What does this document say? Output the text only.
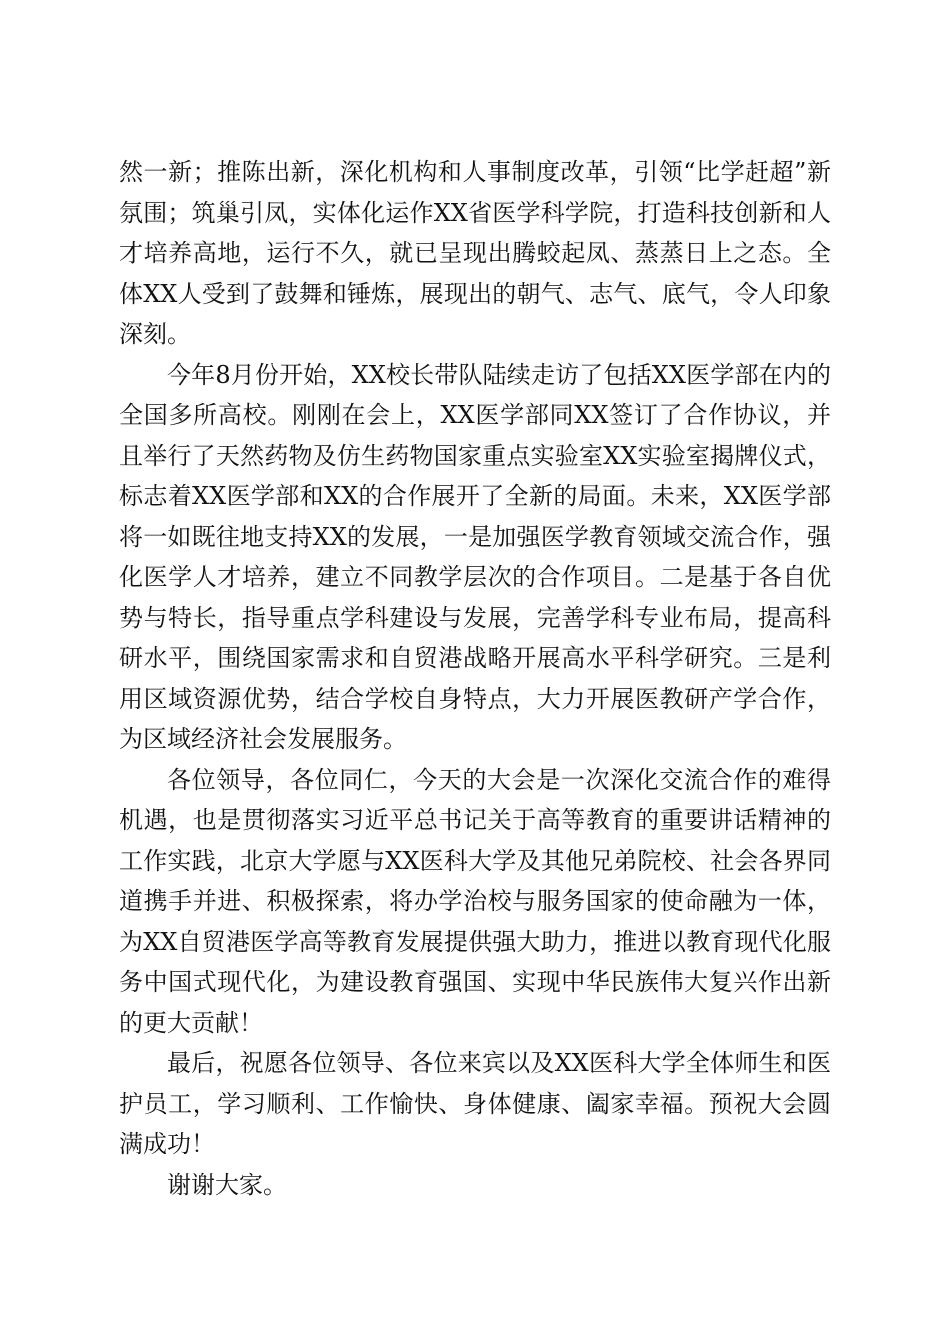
然一新；推陈出新，深化机构和人事制度改革，引领“比学赶超”新氛围；筑巢引凤，实体化运作XX省医学科学院，打造科技创新和人才培养高地，运行不久，就已呈现出腾蛟起凤、蒸蒸日上之态。全体XX人受到了鼓舞和锤炼，展现出的朝气、志气、底气，令人印象深刻。

今年8月份开始，XX校长带队陆续走访了包括XX医学部在内的全国多所高校。刚刚在会上，XX医学部同XX签订了合作协议，并且举行了天然药物及仿生药物国家重点实验室XX实验室揭牌仪式，标志着XX医学部和XX的合作展开了全新的局面。未来，XX医学部将一如既往地支持XX的发展，一是加强医学教育领域交流合作，强化医学人才培养，建立不同教学层次的合作项目。二是基于各自优势与特长，指导重点学科建设与发展，完善学科专业布局，提高科研水平，围绕国家需求和自贸港战略开展高水平科学研究。三是利用区域资源优势，结合学校自身特点，大力开展医教研产学合作，为区域经济社会发展服务。

各位领导，各位同仁，今天的大会是一次深化交流合作的难得机遇，也是贯彻落实习近平总书记关于高等教育的重要讲话精神的工作实践，北京大学愿与XX医科大学及其他兄弟院校、社会各界同道携手并进、积极探索，将办学治校与服务国家的使命融为一体，为XX自贸港医学高等教育发展提供强大助力，推进以教育现代化服务中国式现代化，为建设教育强国、实现中华民族伟大复兴作出新的更大贡献！

最后，祝愿各位领导、各位来宾以及XX医科大学全体师生和医护员工，学习顺利、工作愉快、身体健康、阖家幸福。预祝大会圆满成功！

谢谢大家。
